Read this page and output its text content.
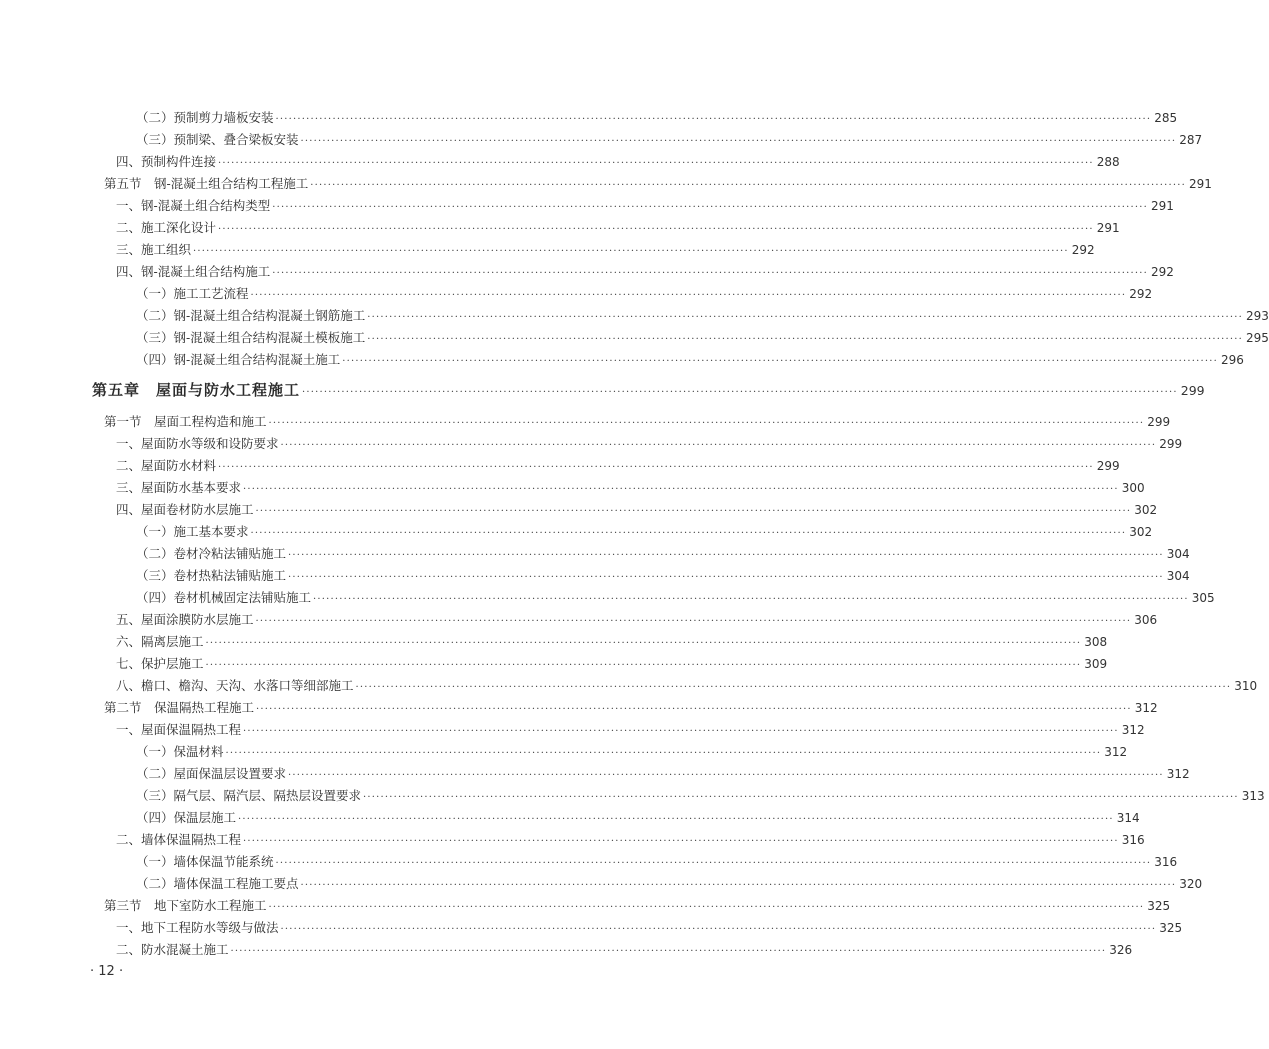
（二）预制剪力墙板安装 ········································································································································································································ 285
（三）预制梁、叠合梁板安装 ········································································································································································································ 287
四、预制构件连接 ········································································································································································································ 288
第五节　钢-混凝土组合结构工程施工 ········································································································································································································ 291
一、钢-混凝土组合结构类型 ········································································································································································································ 291
二、施工深化设计 ········································································································································································································ 291
三、施工组织 ········································································································································································································ 292
四、钢-混凝土组合结构施工 ········································································································································································································ 292
（一）施工工艺流程 ········································································································································································································ 292
（二）钢-混凝土组合结构混凝土钢筋施工 ········································································································································································································ 293
（三）钢-混凝土组合结构混凝土模板施工 ········································································································································································································ 295
（四）钢-混凝土组合结构混凝土施工 ········································································································································································································ 296
第五章　屋面与防水工程施工 ········································································································································································································ 299
第一节　屋面工程构造和施工 ········································································································································································································ 299
一、屋面防水等级和设防要求 ········································································································································································································ 299
二、屋面防水材料 ········································································································································································································ 299
三、屋面防水基本要求 ········································································································································································································ 300
四、屋面卷材防水层施工 ········································································································································································································ 302
（一）施工基本要求 ········································································································································································································ 302
（二）卷材冷粘法铺贴施工 ········································································································································································································ 304
（三）卷材热粘法铺贴施工 ········································································································································································································ 304
（四）卷材机械固定法铺贴施工 ········································································································································································································ 305
五、屋面涂膜防水层施工 ········································································································································································································ 306
六、隔离层施工 ········································································································································································································ 308
七、保护层施工 ········································································································································································································ 309
八、檐口、檐沟、天沟、水落口等细部施工 ········································································································································································································ 310
第二节　保温隔热工程施工 ········································································································································································································ 312
一、屋面保温隔热工程 ········································································································································································································ 312
（一）保温材料 ········································································································································································································ 312
（二）屋面保温层设置要求 ········································································································································································································ 312
（三）隔气层、隔汽层、隔热层设置要求 ········································································································································································································ 313
（四）保温层施工 ········································································································································································································ 314
二、墙体保温隔热工程 ········································································································································································································ 316
（一）墙体保温节能系统 ········································································································································································································ 316
（二）墙体保温工程施工要点 ········································································································································································································ 320
第三节　地下室防水工程施工 ········································································································································································································ 325
一、地下工程防水等级与做法 ········································································································································································································ 325
二、防水混凝土施工 ········································································································································································································ 326
· 12 ·
